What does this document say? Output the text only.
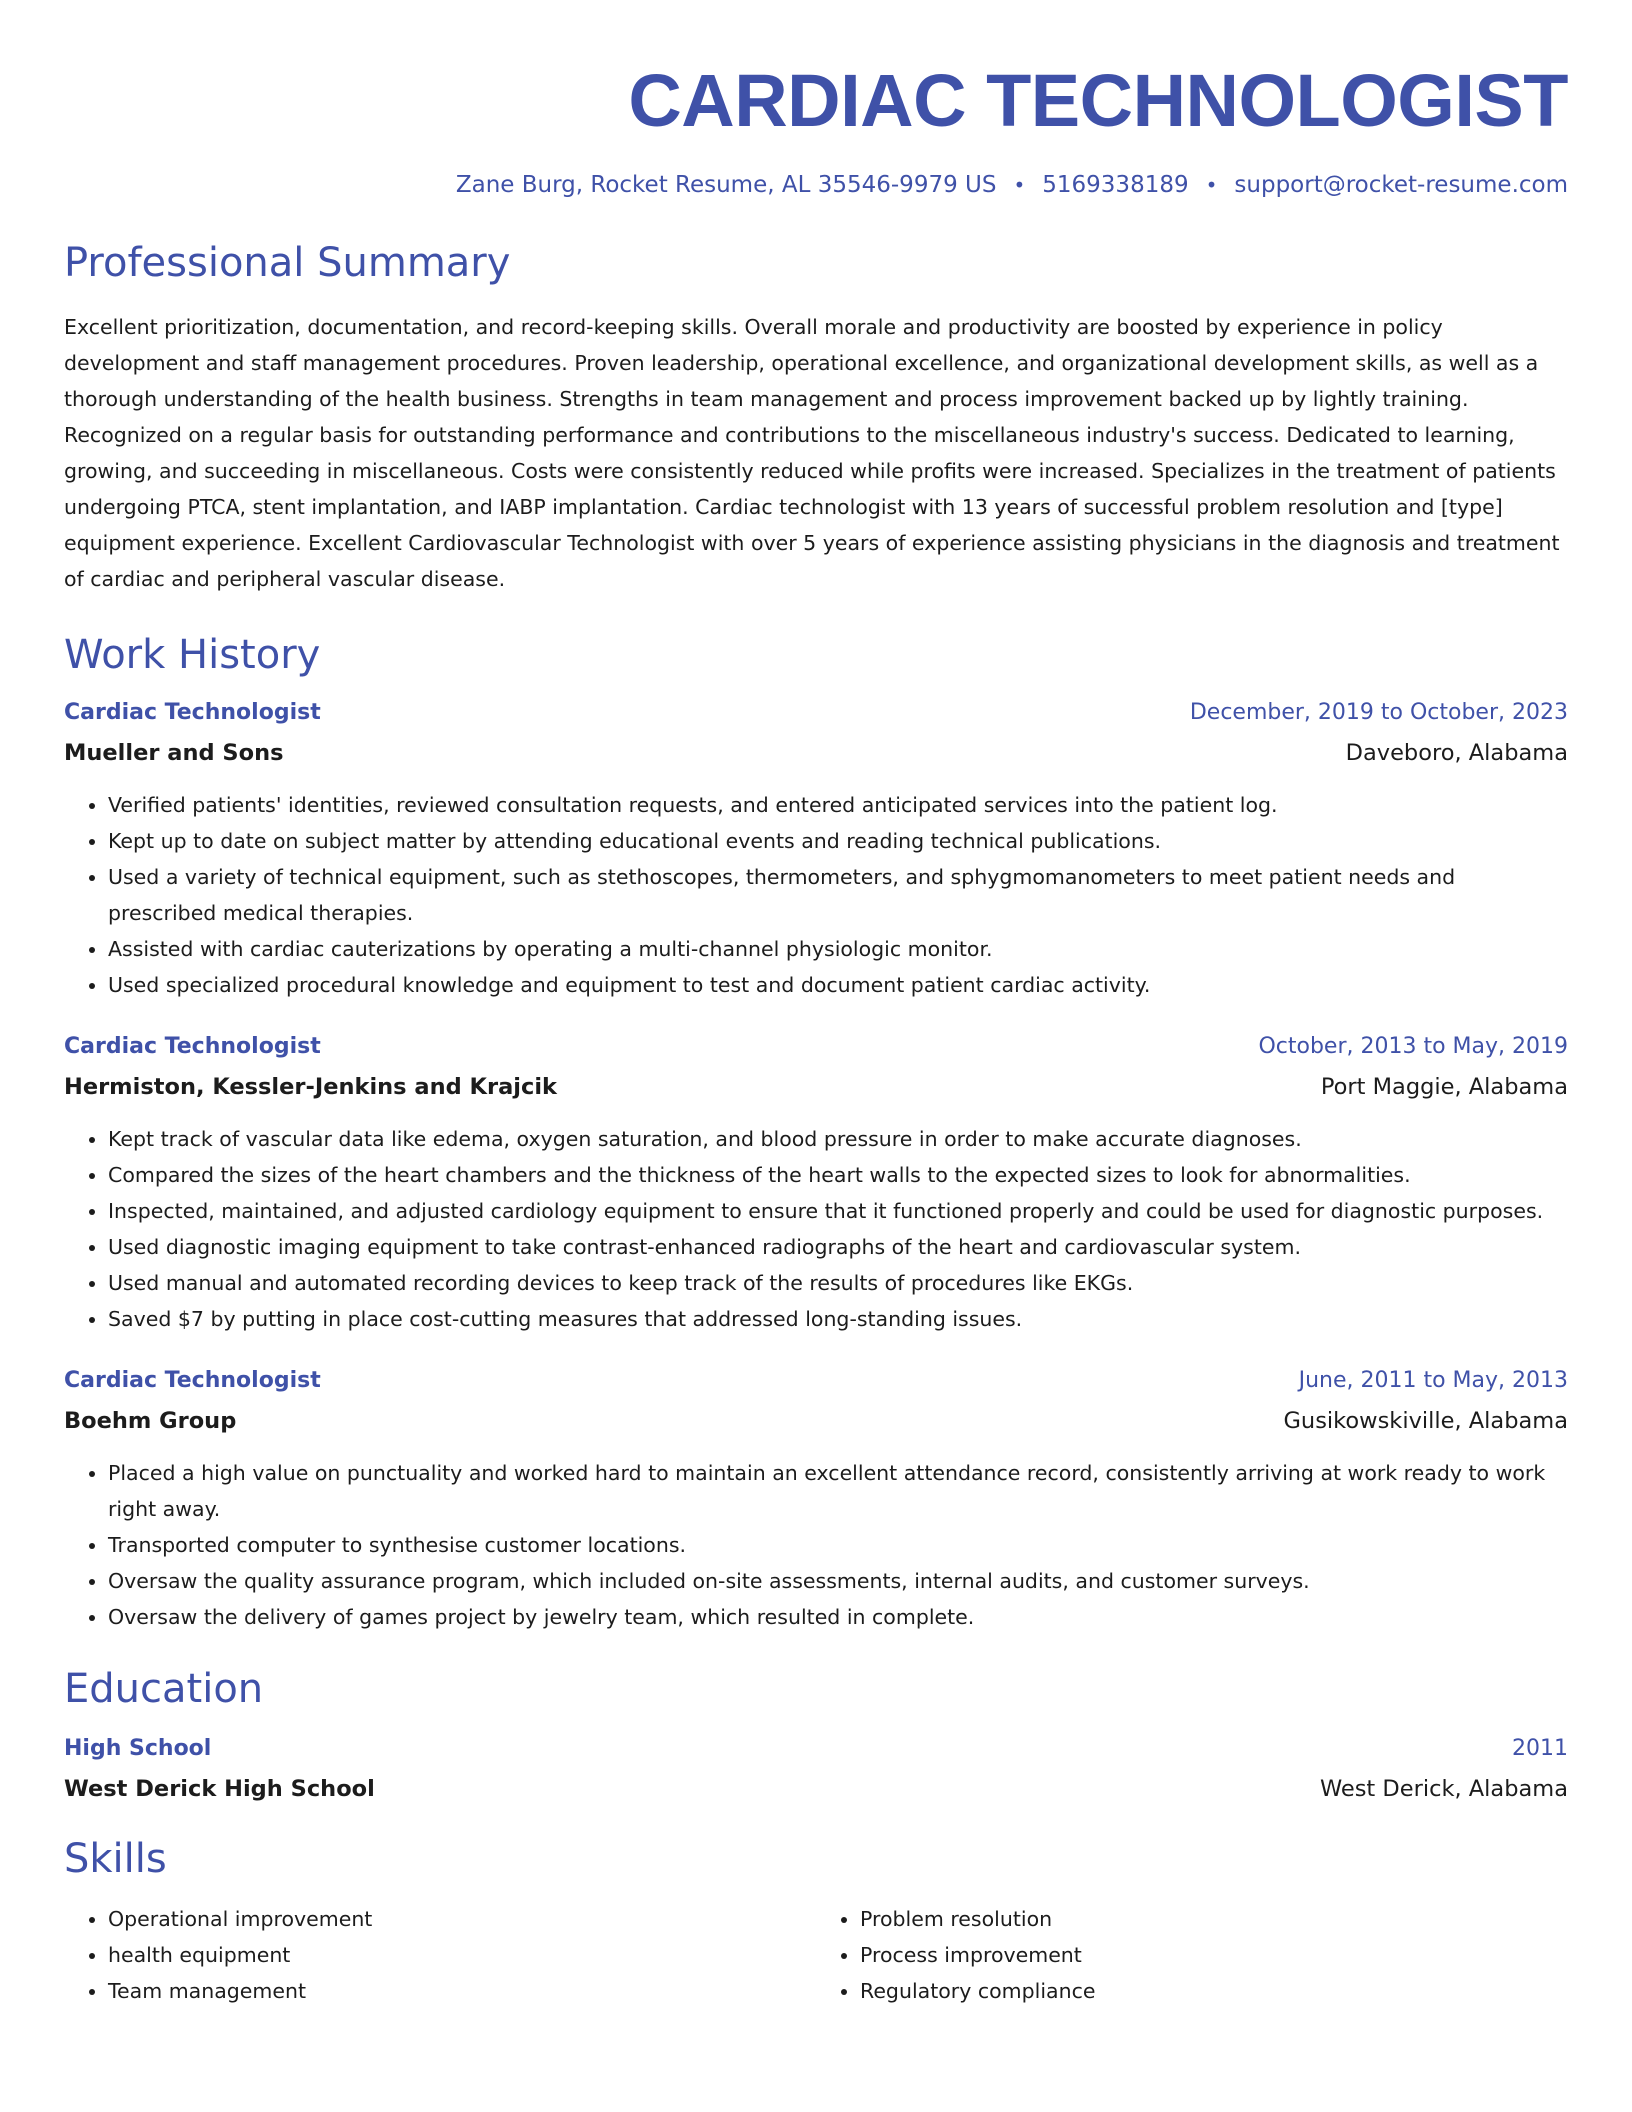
CARDIAC TECHNOLOGIST
Zane Burg, Rocket Resume, AL 35546-9979 US • 5169338189 • support@rocket-resume.com
Professional Summary
Excellent prioritization, documentation, and record-keeping skills. Overall morale and productivity are boosted by experience in policy development and staff management procedures. Proven leadership, operational excellence, and organizational development skills, as well as a thorough understanding of the health business. Strengths in team management and process improvement backed up by lightly training. Recognized on a regular basis for outstanding performance and contributions to the miscellaneous industry's success. Dedicated to learning, growing, and succeeding in miscellaneous. Costs were consistently reduced while profits were increased. Specializes in the treatment of patients undergoing PTCA, stent implantation, and IABP implantation. Cardiac technologist with 13 years of successful problem resolution and [type] equipment experience. Excellent Cardiovascular Technologist with over 5 years of experience assisting physicians in the diagnosis and treatment of cardiac and peripheral vascular disease.
Work History
Cardiac Technologist	December, 2019 to October, 2023
Mueller and Sons	Daveboro, Alabama
• Verified patients' identities, reviewed consultation requests, and entered anticipated services into the patient log.
• Kept up to date on subject matter by attending educational events and reading technical publications.
• Used a variety of technical equipment, such as stethoscopes, thermometers, and sphygmomanometers to meet patient needs and prescribed medical therapies.
• Assisted with cardiac cauterizations by operating a multi-channel physiologic monitor.
• Used specialized procedural knowledge and equipment to test and document patient cardiac activity.
Cardiac Technologist	October, 2013 to May, 2019
Hermiston, Kessler-Jenkins and Krajcik	Port Maggie, Alabama
• Kept track of vascular data like edema, oxygen saturation, and blood pressure in order to make accurate diagnoses.
• Compared the sizes of the heart chambers and the thickness of the heart walls to the expected sizes to look for abnormalities.
• Inspected, maintained, and adjusted cardiology equipment to ensure that it functioned properly and could be used for diagnostic purposes.
• Used diagnostic imaging equipment to take contrast-enhanced radiographs of the heart and cardiovascular system.
• Used manual and automated recording devices to keep track of the results of procedures like EKGs.
• Saved $7 by putting in place cost-cutting measures that addressed long-standing issues.
Cardiac Technologist	June, 2011 to May, 2013
Boehm Group	Gusikowskiville, Alabama
• Placed a high value on punctuality and worked hard to maintain an excellent attendance record, consistently arriving at work ready to work right away.
• Transported computer to synthesise customer locations.
• Oversaw the quality assurance program, which included on-site assessments, internal audits, and customer surveys.
• Oversaw the delivery of games project by jewelry team, which resulted in complete.
Education
High School	2011
West Derick High School	West Derick, Alabama
Skills
• Operational improvement
• health equipment
• Team management
• Problem resolution
• Process improvement
• Regulatory compliance
